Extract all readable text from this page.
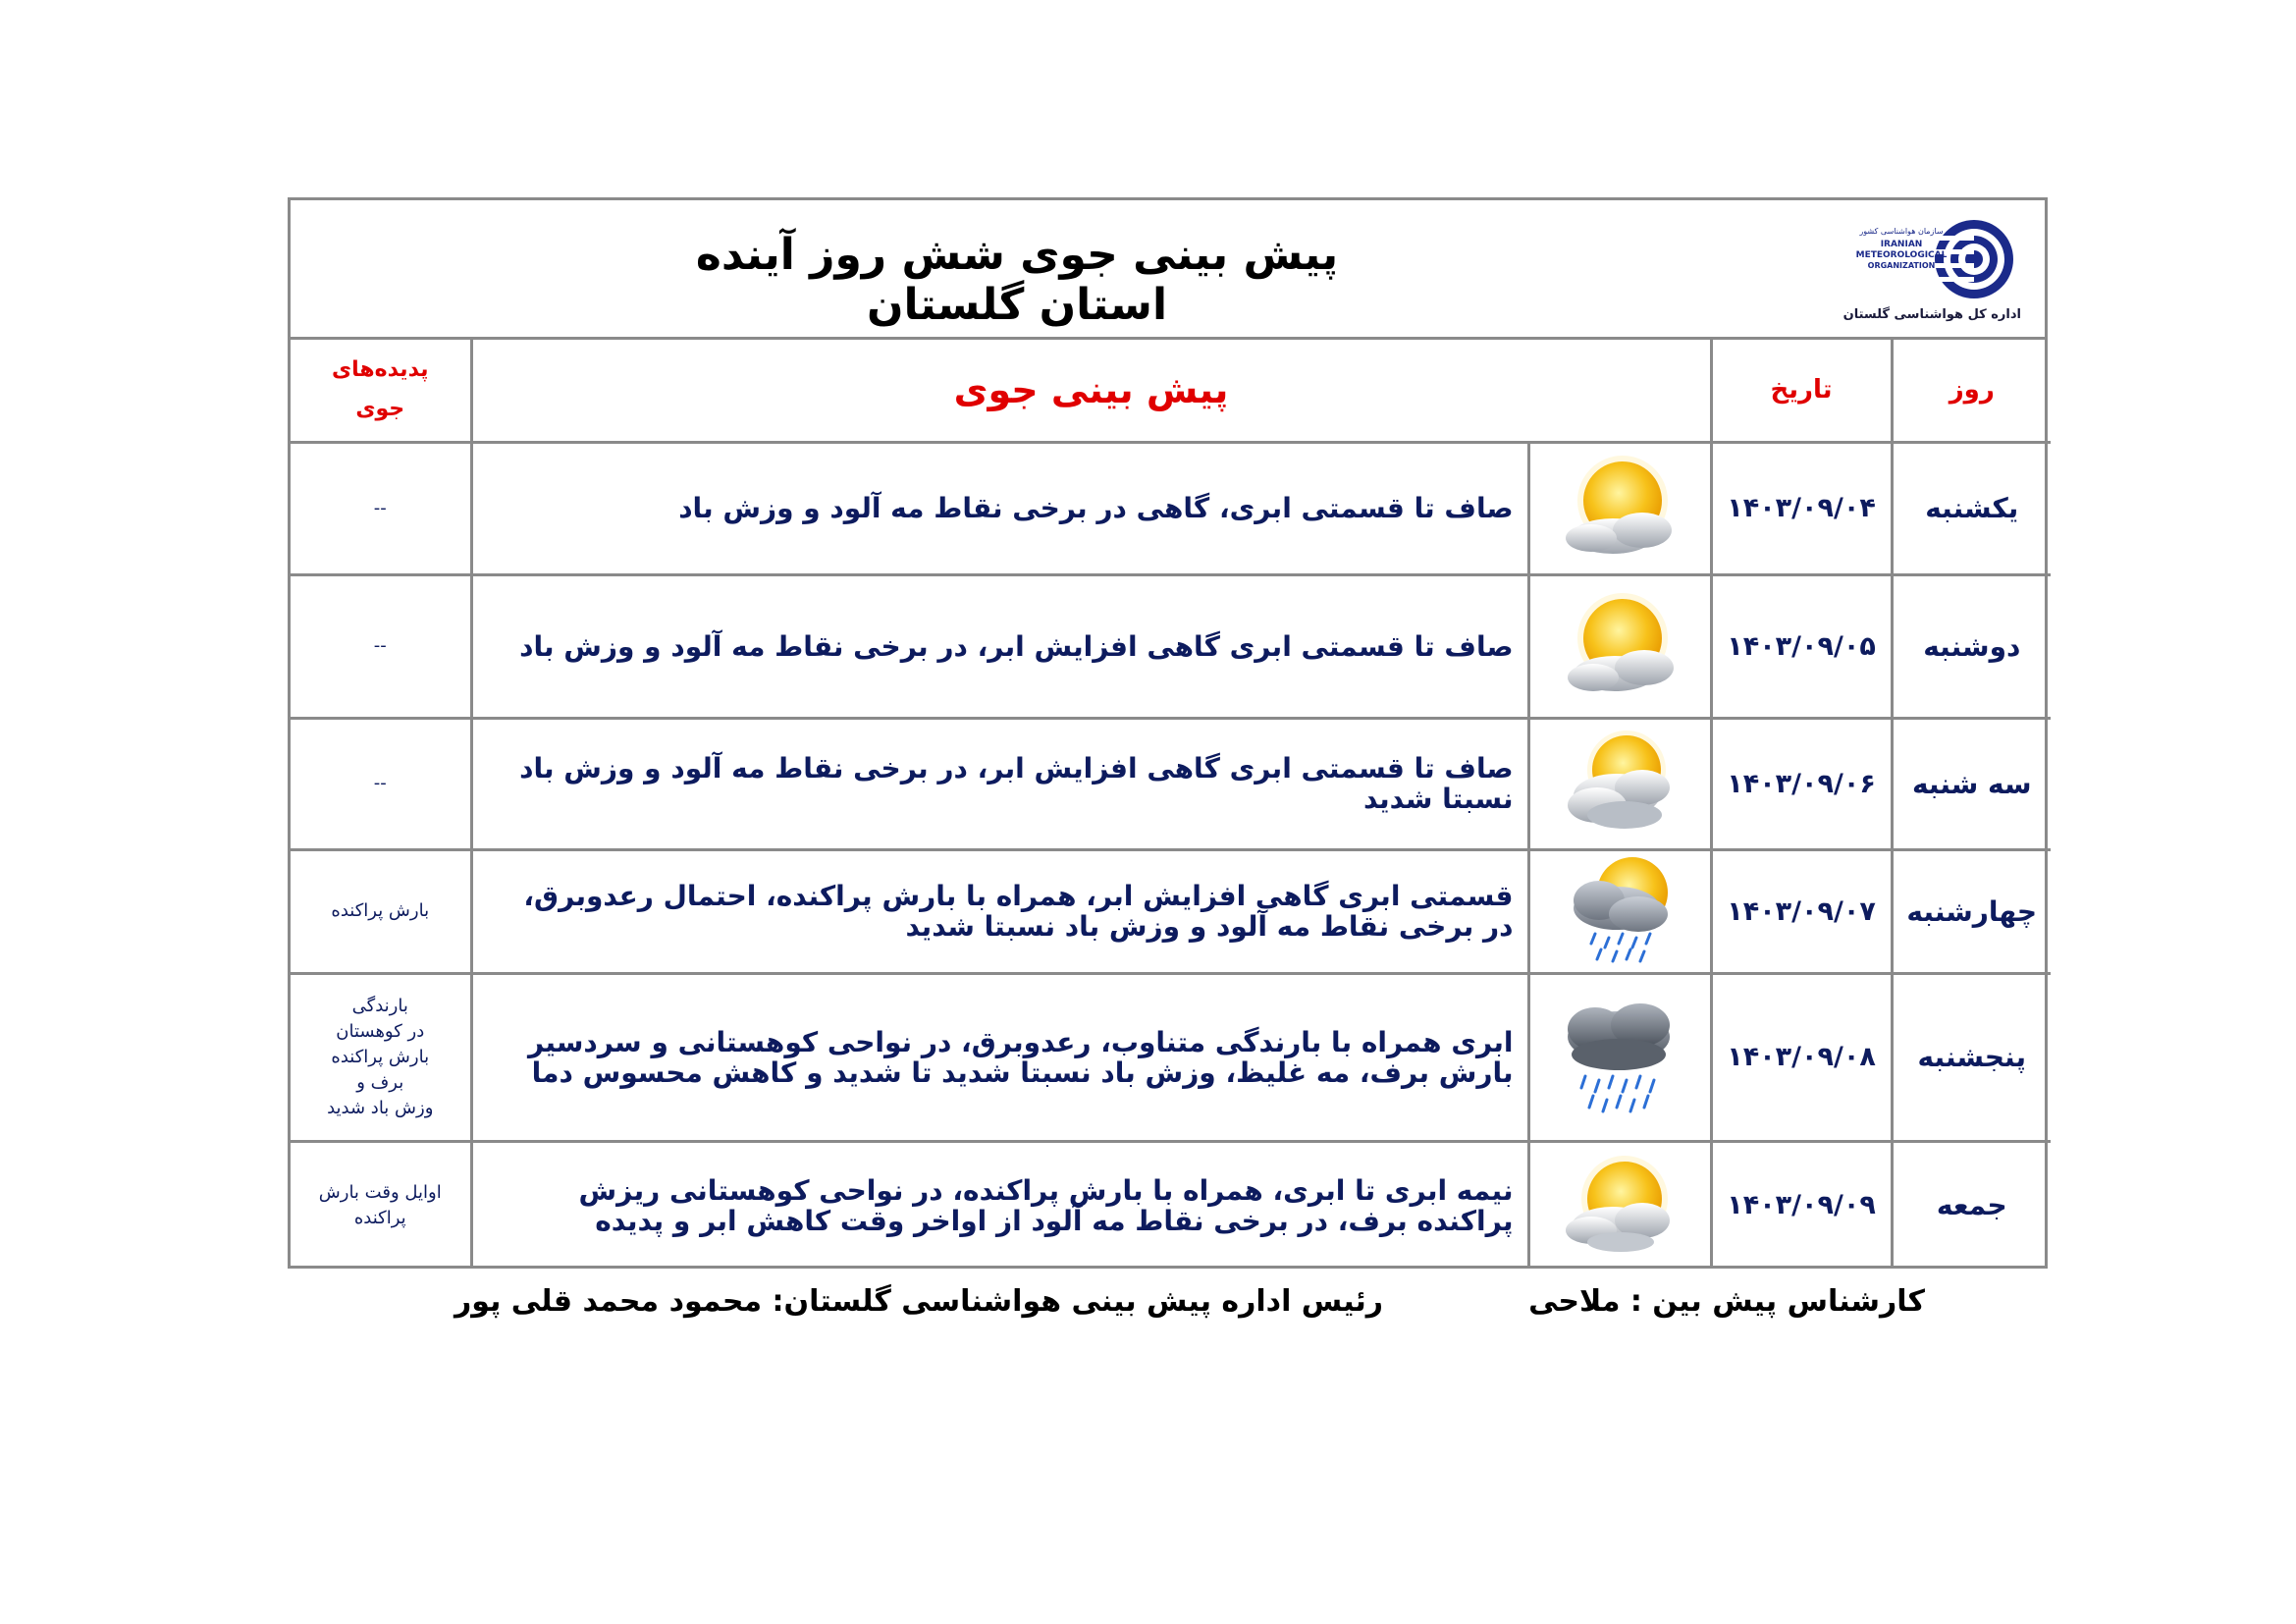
پیش بینی جوی شش روز آینده استان گلستان
سازمان هواشناسی کشور
IRANIAN
METEOROLOGICAL
ORGANIZATION
اداره کل هواشناسی گلستان
روز	تاریخ	پیش بینی جوی		پدیده‌های
جوی

یکشنبه	۱۴۰۳/۰۹/۰۴		صاف تا قسمتی ابری، گاهی در برخی نقاط مه آلود و وزش باد	--
دوشنبه	۱۴۰۳/۰۹/۰۵		صاف تا قسمتی ابری گاهی افزایش ابر، در برخی نقاط مه آلود و وزش باد	--
سه شنبه	۱۴۰۳/۰۹/۰۶		صاف تا قسمتی ابری گاهی افزایش ابر، در برخی نقاط مه آلود و وزش باد نسبتا شدید	--
چهارشنبه	۱۴۰۳/۰۹/۰۷		قسمتی ابری گاهی افزایش ابر، همراه با بارش پراکنده، احتمال رعدوبرق، در برخی نقاط مه آلود و وزش باد نسبتا شدید	بارش پراکنده
پنجشنبه	۱۴۰۳/۰۹/۰۸		ابری همراه با بارندگی متناوب، رعدوبرق، در نواحی کوهستانی و سردسیر بارش برف، مه غلیظ، وزش باد نسبتا شدید تا شدید و کاهش محسوس دما	بارندگی
در کوهستان
بارش پراکنده
برف و
وزش باد شدید

جمعه	۱۴۰۳/۰۹/۰۹		نیمه ابری تا ابری، همراه با بارش پراکنده، در نواحی کوهستانی ریزش پراکنده برف، در برخی نقاط مه آلود از اواخر وقت کاهش ابر و پدیده	اوایل وقت بارش پراکنده
کارشناس پیش بین : ملاحی
رئیس اداره پیش بینی هواشناسی گلستان: محمود محمد قلی پور
